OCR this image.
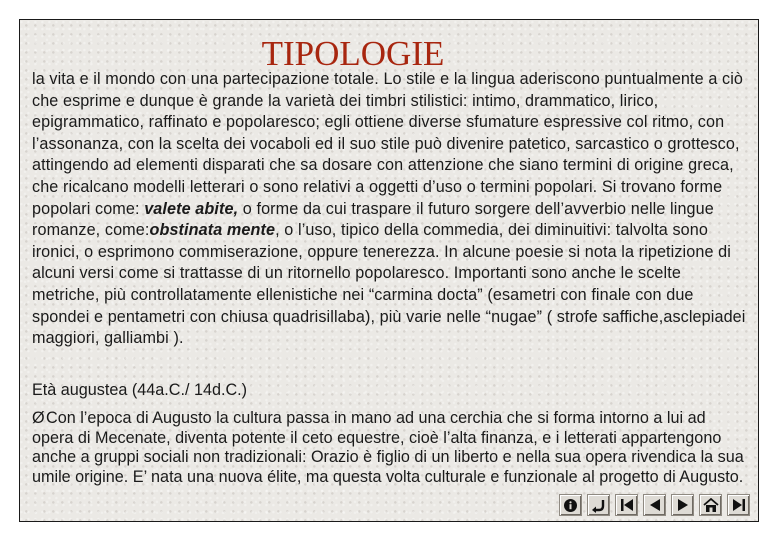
TIPOLOGIE
la vita e il mondo con una partecipazione totale. Lo stile e la lingua aderiscono puntualmente a ciò che esprime e dunque è grande la varietà dei timbri stilistici: intimo, drammatico, lirico, epigrammatico, raffinato e popolaresco; egli ottiene diverse sfumature espressive col ritmo, con l’assonanza, con la scelta dei vocaboli ed il suo stile può divenire patetico, sarcastico o grottesco, attingendo ad elementi disparati che sa dosare con attenzione che siano termini di origine greca, che ricalcano modelli letterari o sono relativi a oggetti d’uso o termini popolari. Si trovano forme popolari come: valete abite, o forme da cui traspare il futuro sorgere dell’avverbio nelle lingue romanze, come:obstinata mente, o l’uso, tipico della commedia, dei diminuitivi: talvolta sono ironici, o esprimono commiserazione, oppure tenerezza. In alcune poesie si nota la ripetizione di alcuni versi come si trattasse di un ritornello popolaresco. Importanti sono anche le scelte metriche, più controllatamente ellenistiche nei “carmina docta” (esametri con finale con due spondei e pentametri con chiusa quadrisillaba), più varie nelle “nugae” ( strofe saffiche,asclepiadei maggiori, galliambi ).
Età augustea (44a.C./ 14d.C.)
ØCon l’epoca di Augusto la cultura passa in mano ad una cerchia che si forma intorno a lui ad opera di Mecenate, diventa potente il ceto equestre, cioè l’alta finanza, e i letterati appartengono anche a gruppi sociali non tradizionali: Orazio è figlio di un liberto e nella sua opera rivendica la sua umile origine. E’ nata una nuova élite, ma questa volta culturale e funzionale al progetto di Augusto.
